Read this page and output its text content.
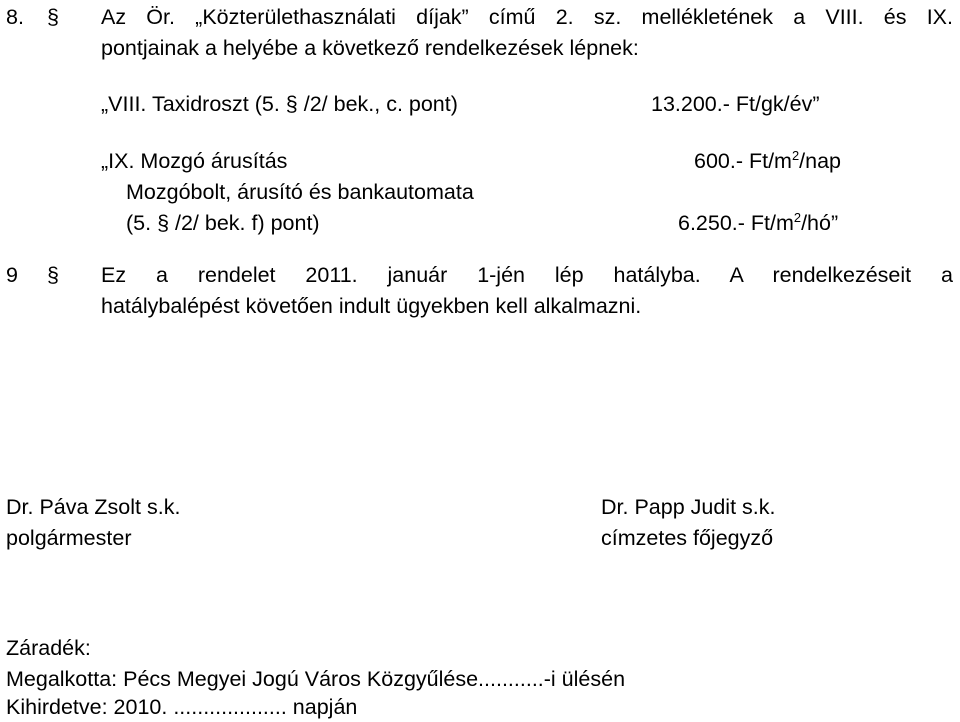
8. § Az Ör. „Közterülethasználati díjak” című 2. sz. mellékletének a VIII. és IX.
pontjainak a helyébe a következő rendelkezések lépnek:
„VIII. Taxidroszt (5. § /2/ bek., c. pont)	13.200.- Ft/gk/év”
„IX. Mozgó árusítás	600.- $Ft/m^2$/nap
Mozgóbolt, árusító és bankautomata
(5. § /2/ bek. f) pont)	6.250.- $Ft/m^2/hó$”
9 § Ez a rendelet 2011. január 1-jén lép hatályba. A rendelkezéseit a
hatálybalépést követően indult ügyekben kell alkalmazni.
Dr. Páva Zsolt s.k.
polgármester
Dr. Papp Judit s.k.
címzetes főjegyző
Záradék:
Megalkotta: Pécs Megyei Jogú Város Közgyűlése...........-i ülésén
Kihirdetve: 2010. ................... napján
